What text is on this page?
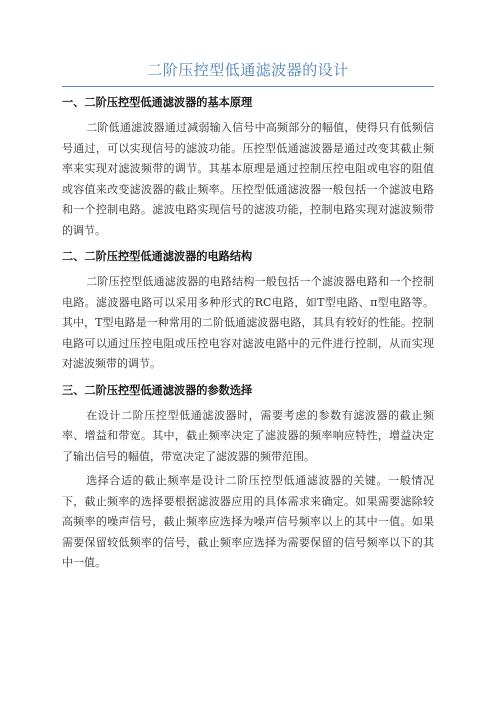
二阶压控型低通滤波器的设计
一、二阶压控型低通滤波器的基本原理

二阶低通滤波器通过减弱输入信号中高频部分的幅值，使得只有低频信号通过，可以实现信号的滤波功能。压控型低通滤波器是通过改变其截止频率来实现对滤波频带的调节。其基本原理是通过控制压控电阻或电容的阻值或容值来改变滤波器的截止频率。压控型低通滤波器一般包括一个滤波电路和一个控制电路。滤波电路实现信号的滤波功能，控制电路实现对滤波频带的调节。

二、二阶压控型低通滤波器的电路结构

二阶压控型低通滤波器的电路结构一般包括一个滤波器电路和一个控制电路。滤波器电路可以采用多种形式的RC电路，如T型电路、π型电路等。其中，T型电路是一种常用的二阶低通滤波器电路，其具有较好的性能。控制电路可以通过压控电阻或压控电容对滤波电路中的元件进行控制，从而实现对滤波频带的调节。

三、二阶压控型低通滤波器的参数选择

在设计二阶压控型低通滤波器时，需要考虑的参数有滤波器的截止频率、增益和带宽。其中，截止频率决定了滤波器的频率响应特性，增益决定了输出信号的幅值，带宽决定了滤波器的频带范围。

选择合适的截止频率是设计二阶压控型低通滤波器的关键。一般情况下，截止频率的选择要根据滤波器应用的具体需求来确定。如果需要滤除较高频率的噪声信号，截止频率应选择为噪声信号频率以上的其中一值。如果需要保留较低频率的信号，截止频率应选择为需要保留的信号频率以下的其中一值。
